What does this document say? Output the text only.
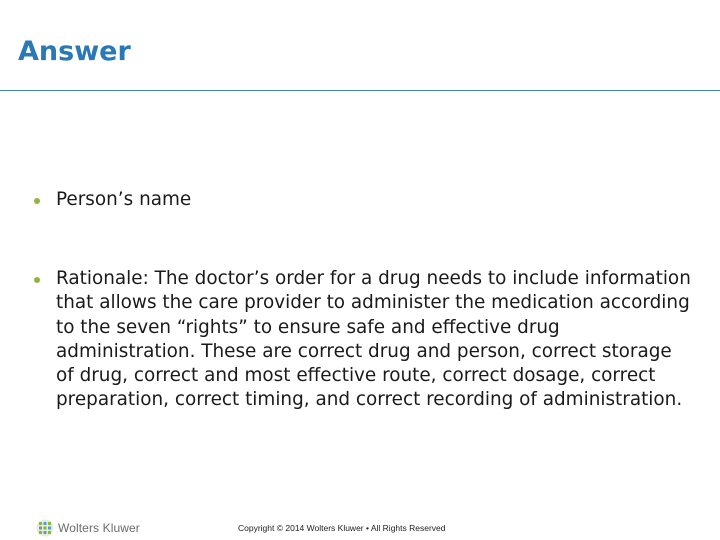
Answer
Person’s name
Rationale: The doctor’s order for a drug needs to include information that allows the care provider to administer the medication according to the seven “rights” to ensure safe and effective drug administration. These are correct drug and person, correct storage of drug, correct and most effective route, correct dosage, correct preparation, correct timing, and correct recording of administration.
Wolters Kluwer	Copyright © 2014 Wolters Kluwer • All Rights Reserved
